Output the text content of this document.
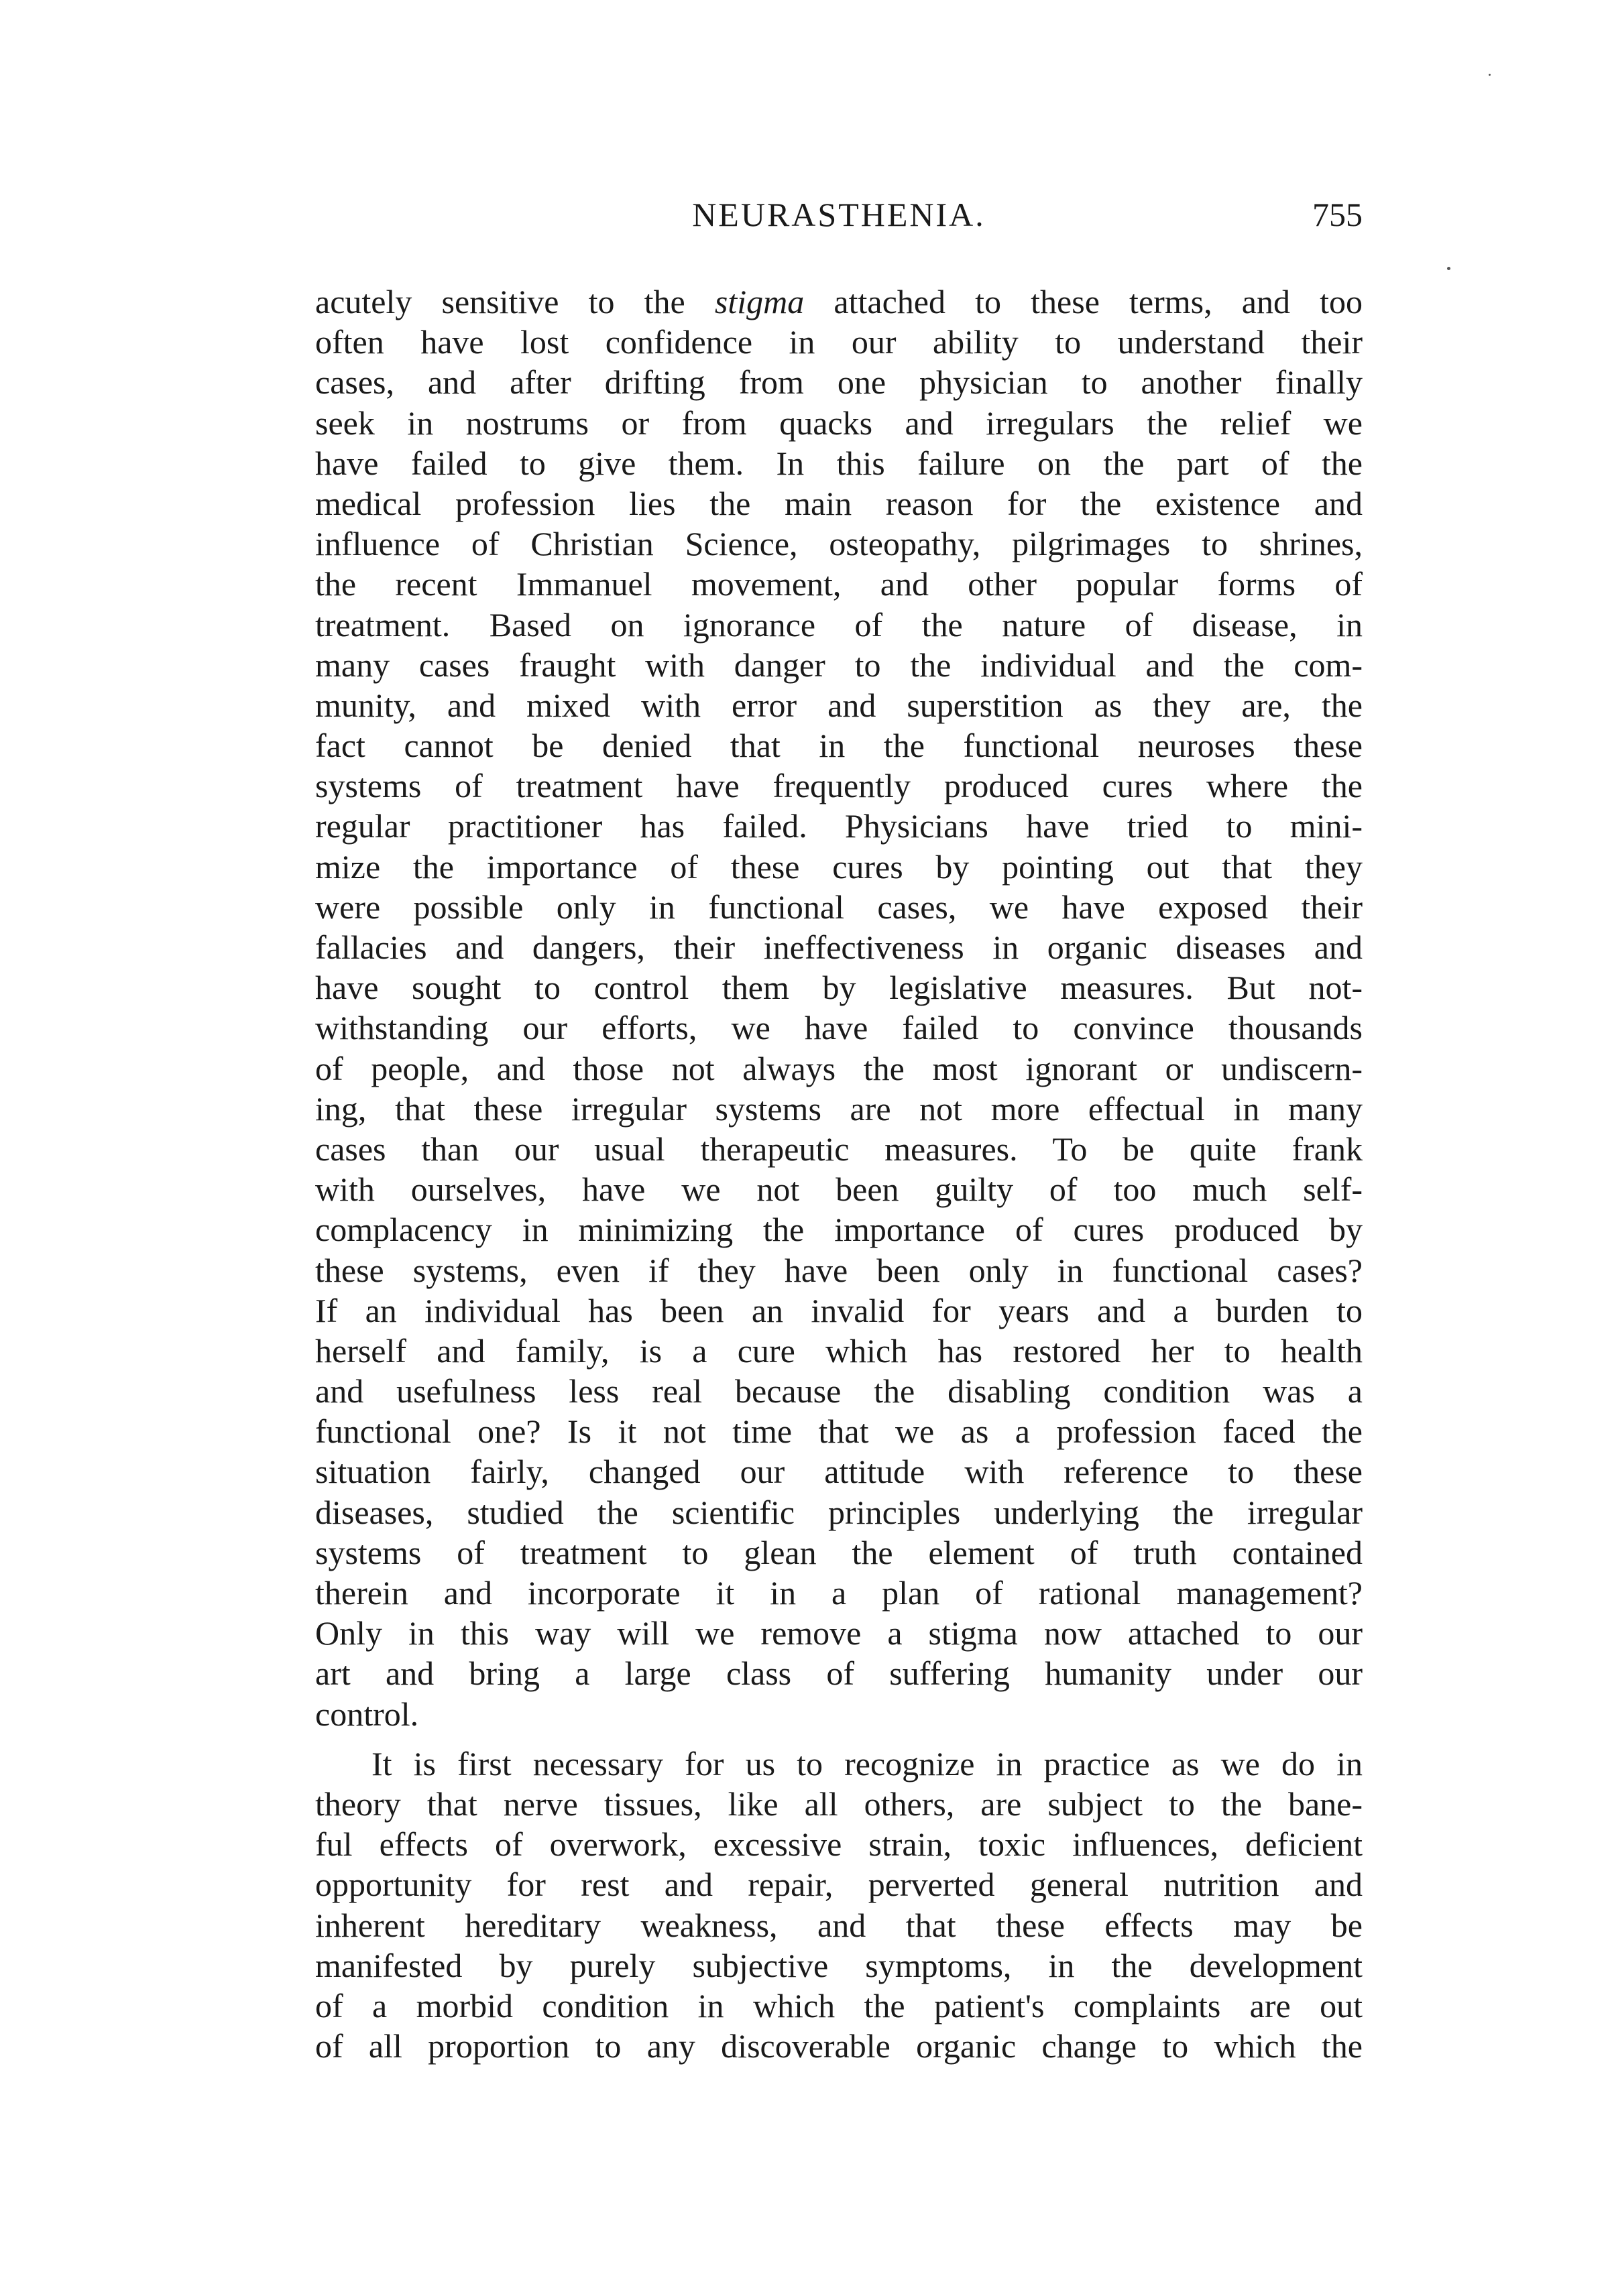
NEURASTHENIA.	755

acutely sensitive to the stigma attached to these terms, and too
often have lost confidence in our ability to understand their
cases, and after drifting from one physician to another finally
seek in nostrums or from quacks and irregulars the relief we
have failed to give them. In this failure on the part of the
medical profession lies the main reason for the existence and
influence of Christian Science, osteopathy, pilgrimages to shrines,
the recent Immanuel movement, and other popular forms of
treatment. Based on ignorance of the nature of disease, in
many cases fraught with danger to the individual and the com-
munity, and mixed with error and superstition as they are, the
fact cannot be denied that in the functional neuroses these
systems of treatment have frequently produced cures where the
regular practitioner has failed. Physicians have tried to mini-
mize the importance of these cures by pointing out that they
were possible only in functional cases, we have exposed their
fallacies and dangers, their ineffectiveness in organic diseases and
have sought to control them by legislative measures. But not-
withstanding our efforts, we have failed to convince thousands
of people, and those not always the most ignorant or undiscern-
ing, that these irregular systems are not more effectual in many
cases than our usual therapeutic measures. To be quite frank
with ourselves, have we not been guilty of too much self-
complacency in minimizing the importance of cures produced by
these systems, even if they have been only in functional cases?
If an individual has been an invalid for years and a burden to
herself and family, is a cure which has restored her to health
and usefulness less real because the disabling condition was a
functional one? Is it not time that we as a profession faced the
situation fairly, changed our attitude with reference to these
diseases, studied the scientific principles underlying the irregular
systems of treatment to glean the element of truth contained
therein and incorporate it in a plan of rational management?
Only in this way will we remove a stigma now attached to our
art and bring a large class of suffering humanity under our
control.

It is first necessary for us to recognize in practice as we do in
theory that nerve tissues, like all others, are subject to the bane-
ful effects of overwork, excessive strain, toxic influences, deficient
opportunity for rest and repair, perverted general nutrition and
inherent hereditary weakness, and that these effects may be
manifested by purely subjective symptoms, in the development
of a morbid condition in which the patient's complaints are out
of all proportion to any discoverable organic change to which the
